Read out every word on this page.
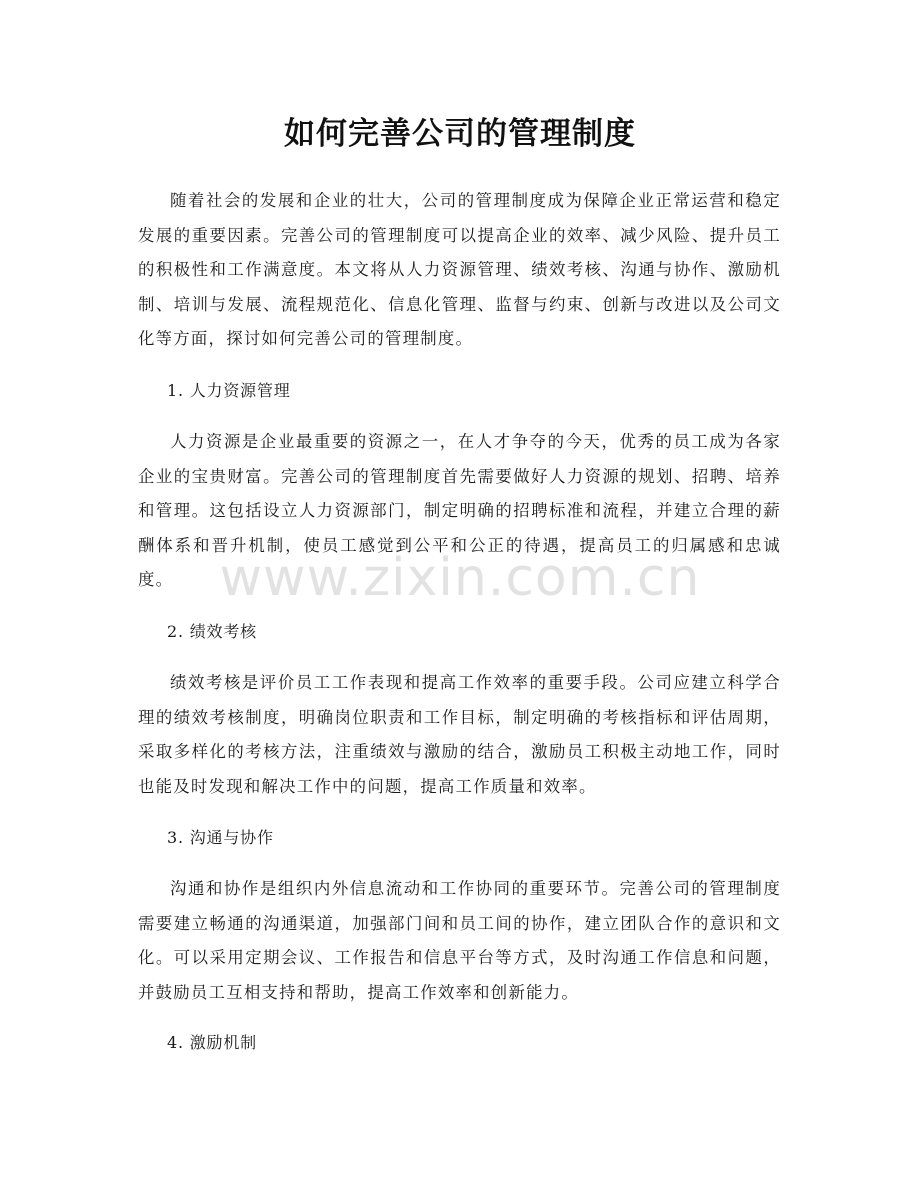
如何完善公司的管理制度

随着社会的发展和企业的壮大，公司的管理制度成为保障企业正常运营和稳定发展的重要因素。完善公司的管理制度可以提高企业的效率、减少风险、提升员工的积极性和工作满意度。本文将从人力资源管理、绩效考核、沟通与协作、激励机制、培训与发展、流程规范化、信息化管理、监督与约束、创新与改进以及公司文化等方面，探讨如何完善公司的管理制度。

1. 人力资源管理

人力资源是企业最重要的资源之一，在人才争夺的今天，优秀的员工成为各家企业的宝贵财富。完善公司的管理制度首先需要做好人力资源的规划、招聘、培养和管理。这包括设立人力资源部门，制定明确的招聘标准和流程，并建立合理的薪酬体系和晋升机制，使员工感觉到公平和公正的待遇，提高员工的归属感和忠诚度。

2. 绩效考核

绩效考核是评价员工工作表现和提高工作效率的重要手段。公司应建立科学合理的绩效考核制度，明确岗位职责和工作目标，制定明确的考核指标和评估周期，采取多样化的考核方法，注重绩效与激励的结合，激励员工积极主动地工作，同时也能及时发现和解决工作中的问题，提高工作质量和效率。

3. 沟通与协作

沟通和协作是组织内外信息流动和工作协同的重要环节。完善公司的管理制度需要建立畅通的沟通渠道，加强部门间和员工间的协作，建立团队合作的意识和文化。可以采用定期会议、工作报告和信息平台等方式，及时沟通工作信息和问题，并鼓励员工互相支持和帮助，提高工作效率和创新能力。

4. 激励机制

www.zixin.com.cn
